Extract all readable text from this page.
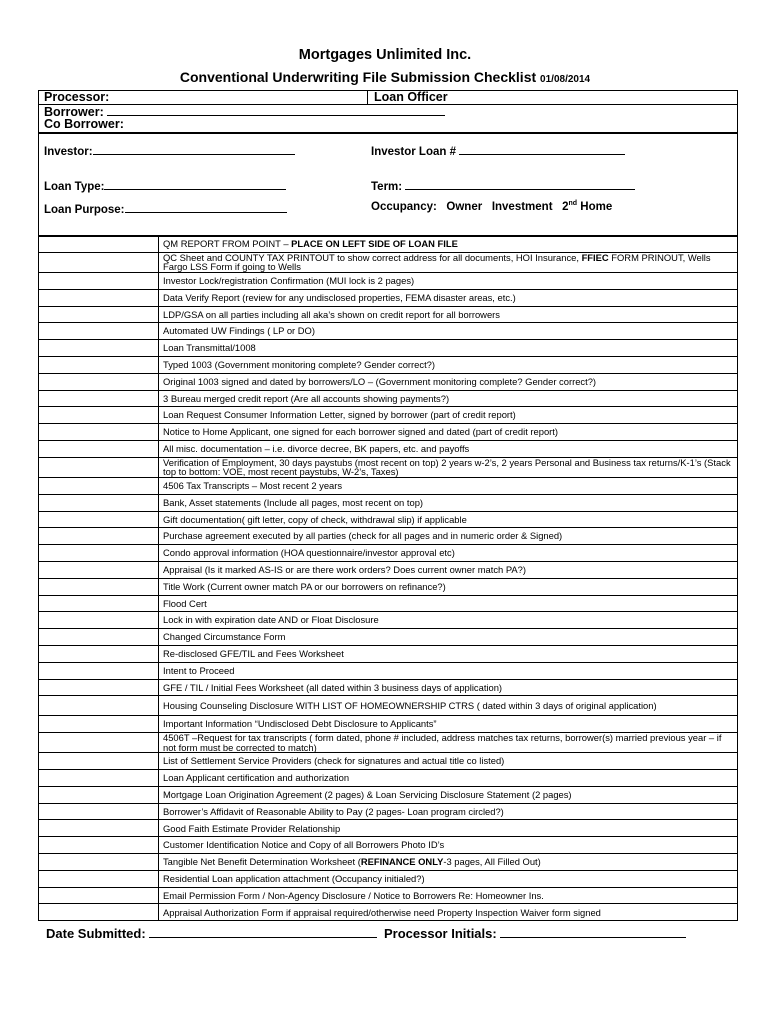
Mortgages Unlimited Inc.
Conventional Underwriting File Submission Checklist 01/08/2014
Processor:	Loan Officer
Borrower:
Co Borrower:
Investor:	Investor Loan #
Loan Type:	Term:
Loan Purpose:	Occupancy: Owner Investment 2nd Home
	QM REPORT FROM POINT – PLACE ON LEFT SIDE OF LOAN FILE
	QC Sheet and COUNTY TAX PRINTOUT to show correct address for all documents, HOI Insurance, FFIEC FORM PRINOUT, Wells Fargo LSS Form if going to Wells
	Investor Lock/registration Confirmation (MUI lock is 2 pages)
	Data Verify Report (review for any undisclosed properties, FEMA disaster areas, etc.)
	LDP/GSA on all parties including all aka’s shown on credit report for all borrowers
	Automated UW Findings ( LP or DO)
	Loan Transmittal/1008
	Typed 1003 (Government monitoring complete? Gender correct?)
	Original 1003 signed and dated by borrowers/LO – (Government monitoring complete? Gender correct?)
	3 Bureau merged credit report (Are all accounts showing payments?)
	Loan Request Consumer Information Letter, signed by borrower (part of credit report)
	Notice to Home Applicant, one signed for each borrower signed and dated (part of credit report)
	All misc. documentation – i.e. divorce decree, BK papers, etc. and payoffs
	Verification of Employment, 30 days paystubs (most recent on top) 2 years w-2’s, 2 years Personal and Business tax returns/K-1’s (Stack top to bottom: VOE, most recent paystubs, W-2’s, Taxes)
	4506 Tax Transcripts – Most recent 2 years
	Bank, Asset statements (Include all pages, most recent on top)
	Gift documentation( gift letter, copy of check, withdrawal slip) if applicable
	Purchase agreement executed by all parties (check for all pages and in numeric order & Signed)
	Condo approval information (HOA questionnaire/investor approval etc)
	Appraisal (Is it marked AS-IS or are there work orders? Does current owner match PA?)
	Title Work (Current owner match PA or our borrowers on refinance?)
	Flood Cert
	Lock in with expiration date AND or Float Disclosure
	Changed Circumstance Form
	Re-disclosed GFE/TIL and Fees Worksheet
	Intent to Proceed
	GFE / TIL / Initial Fees Worksheet (all dated within 3 business days of application)
	Housing Counseling Disclosure WITH LIST OF HOMEOWNERSHIP CTRS ( dated within 3 days of original application)
	Important Information “Undisclosed Debt Disclosure to Applicants”
	4506T –Request for tax transcripts ( form dated, phone # included, address matches tax returns, borrower(s) married previous year – if not form must be corrected to match)
	List of Settlement Service Providers (check for signatures and actual title co listed)
	Loan Applicant certification and authorization
	Mortgage Loan Origination Agreement (2 pages) & Loan Servicing Disclosure Statement (2 pages)
	Borrower’s Affidavit of Reasonable Ability to Pay (2 pages- Loan program circled?)
	Good Faith Estimate Provider Relationship
	Customer Identification Notice and Copy of all Borrowers Photo ID’s
	Tangible Net Benefit Determination Worksheet (REFINANCE ONLY-3 pages, All Filled Out)
	Residential Loan application attachment (Occupancy initialed?)
	Email Permission Form / Non-Agency Disclosure / Notice to Borrowers Re: Homeowner Ins.
	Appraisal Authorization Form if appraisal required/otherwise need Property Inspection Waiver form signed
Date Submitted:	Processor Initials:
